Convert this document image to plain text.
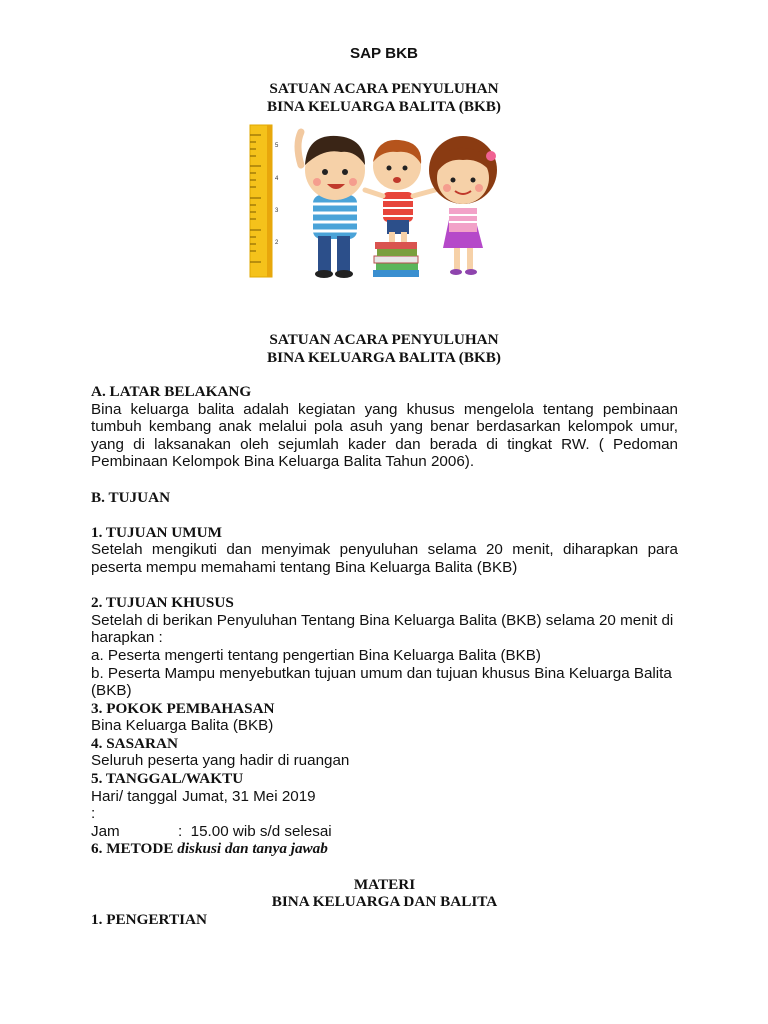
SAP BKB
SATUAN ACARA PENYULUHAN
BINA KELUARGA BALITA (BKB)
5
4
3
2
SATUAN ACARA PENYULUHAN
BINA KELUARGA BALITA (BKB)
A. LATAR BELAKANG
Bina keluarga balita adalah kegiatan yang khusus mengelola tentang pembinaan tumbuh kembang anak melalui pola asuh yang benar berdasarkan kelompok umur, yang di laksanakan oleh sejumlah kader dan berada di tingkat RW. ( Pedoman Pembinaan Kelompok Bina Keluarga Balita Tahun 2006).
B. TUJUAN
1. TUJUAN UMUM
Setelah mengikuti dan menyimak penyuluhan selama 20 menit, diharapkan para peserta mempu memahami tentang Bina Keluarga Balita (BKB)
2. TUJUAN KHUSUS
Setelah di berikan Penyuluhan Tentang Bina Keluarga Balita (BKB) selama 20 menit di harapkan :
a. Peserta mengerti tentang pengertian Bina Keluarga Balita (BKB)
b. Peserta Mampu menyebutkan tujuan umum dan tujuan khusus Bina Keluarga Balita (BKB)
3. POKOK PEMBAHASAN
Bina Keluarga Balita (BKB)
4. SASARAN
Seluruh peserta yang hadir di ruangan
5. TANGGAL/WAKTU
Hari/ tanggal :
Jumat, 31 Mei 2019
Jam	:  15.00 wib s/d selesai
6. METODE diskusi dan tanya jawab
MATERI
BINA KELUARGA DAN BALITA
1. PENGERTIAN
